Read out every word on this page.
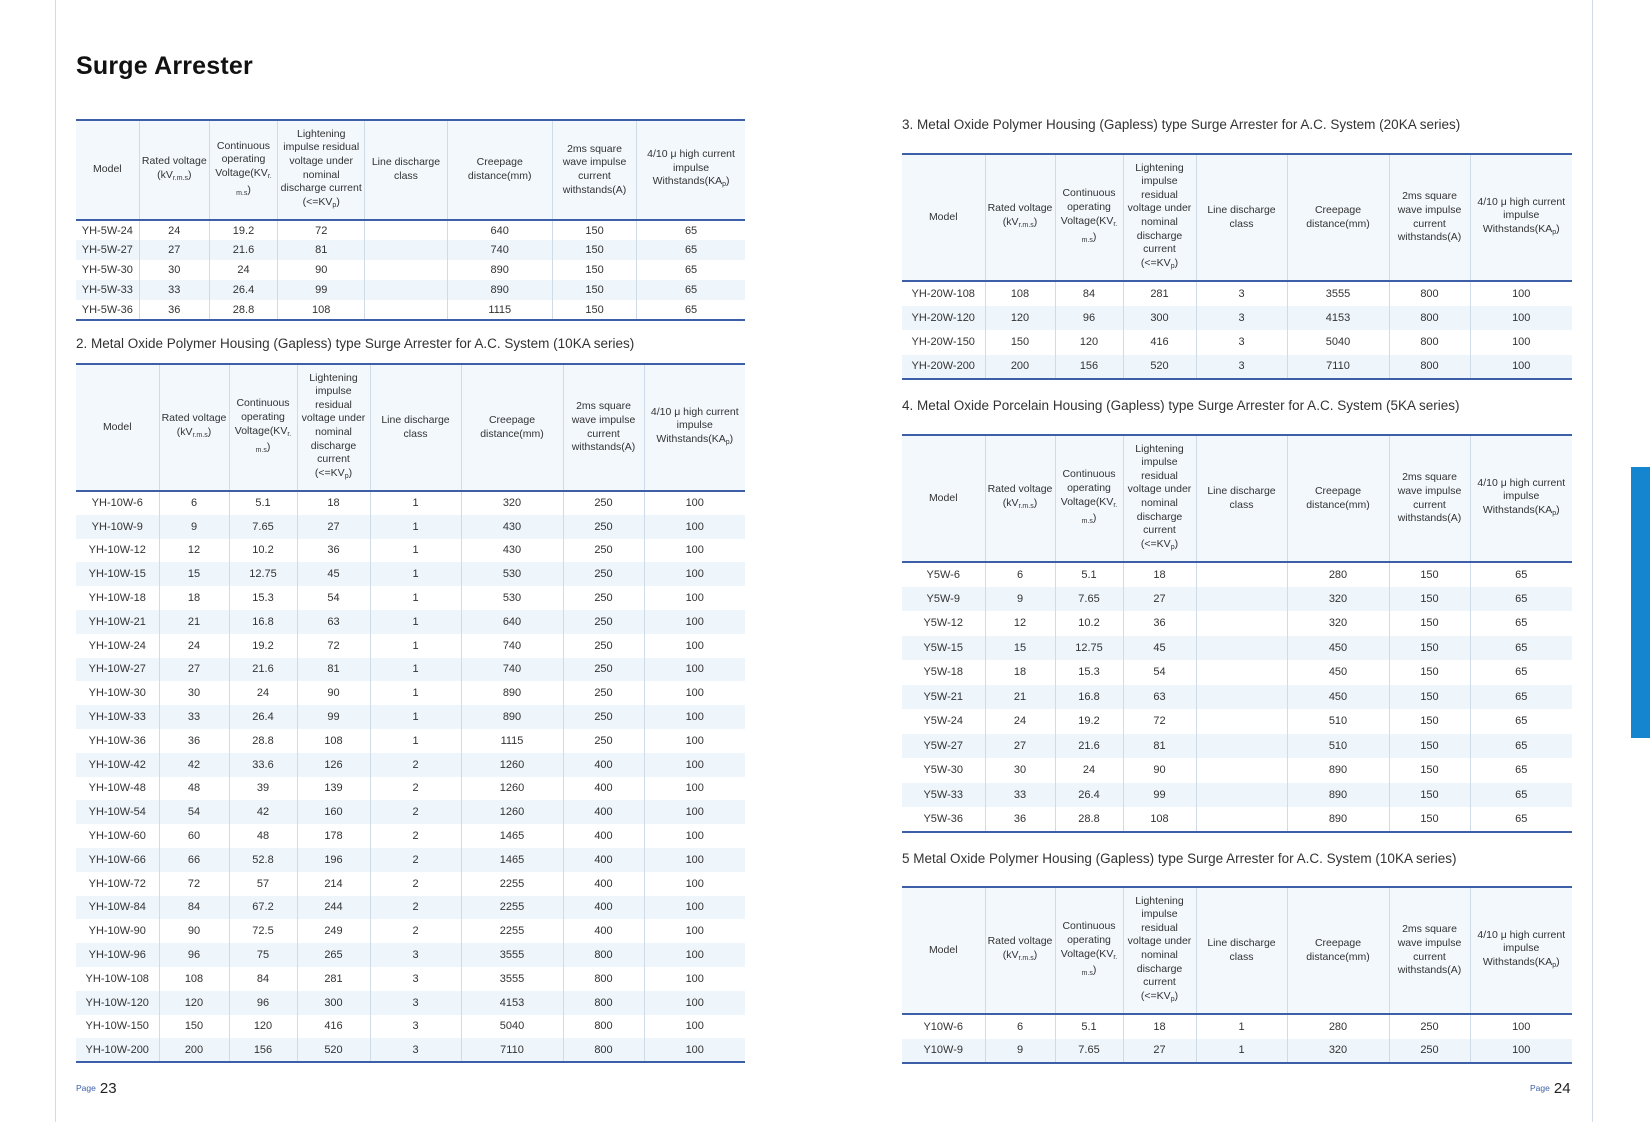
Surge Arrester
Model	Rated voltage $(kV_{r.m.s})$	Continuous operating $Voltage(KV_{r.}$ $_{m.s}$)	Lightening impulse residual voltage under nominal discharge current $(<=KV_p)$	Line discharge class	Creepage distance(mm)	2ms square wave impulse current withstands(A)	4/10 μ high current impulse $Withstands(KA_p)$
YH-5W-24	24	19.2	72		640	150	65
YH-5W-27	27	21.6	81		740	150	65
YH-5W-30	30	24	90		890	150	65
YH-5W-33	33	26.4	99		890	150	65
YH-5W-36	36	28.8	108		1115	150	65
2. Metal Oxide Polymer Housing (Gapless) type Surge Arrester for A.C. System (10KA series)
Model	Rated voltage $(kV_{r.m.s})$	Continuous operating $Voltage(KV_{r.}$ $_{m.s}$)	Lightening impulse residual voltage under nominal discharge current $(<=KV_p)$	Line discharge class	Creepage distance(mm)	2ms square wave impulse current withstands(A)	4/10 μ high current impulse $Withstands(KA_p)$
YH-10W-6	6	5.1	18	1	320	250	100
YH-10W-9	9	7.65	27	1	430	250	100
YH-10W-12	12	10.2	36	1	430	250	100
YH-10W-15	15	12.75	45	1	530	250	100
YH-10W-18	18	15.3	54	1	530	250	100
YH-10W-21	21	16.8	63	1	640	250	100
YH-10W-24	24	19.2	72	1	740	250	100
YH-10W-27	27	21.6	81	1	740	250	100
YH-10W-30	30	24	90	1	890	250	100
YH-10W-33	33	26.4	99	1	890	250	100
YH-10W-36	36	28.8	108	1	1115	250	100
YH-10W-42	42	33.6	126	2	1260	400	100
YH-10W-48	48	39	139	2	1260	400	100
YH-10W-54	54	42	160	2	1260	400	100
YH-10W-60	60	48	178	2	1465	400	100
YH-10W-66	66	52.8	196	2	1465	400	100
YH-10W-72	72	57	214	2	2255	400	100
YH-10W-84	84	67.2	244	2	2255	400	100
YH-10W-90	90	72.5	249	2	2255	400	100
YH-10W-96	96	75	265	3	3555	800	100
YH-10W-108	108	84	281	3	3555	800	100
YH-10W-120	120	96	300	3	4153	800	100
YH-10W-150	150	120	416	3	5040	800	100
YH-10W-200	200	156	520	3	7110	800	100
3. Metal Oxide Polymer Housing (Gapless) type Surge Arrester for A.C. System (20KA series)
Model	Rated voltage $(kV_{r.m.s})$	Continuous operating $Voltage(KV_{r.}$ $_{m.s}$)	Lightening impulse residual voltage under nominal discharge current $(<=KV_p)$	Line discharge class	Creepage distance(mm)	2ms square wave impulse current withstands(A)	4/10 μ high current impulse $Withstands(KA_p)$
YH-20W-108	108	84	281	3	3555	800	100
YH-20W-120	120	96	300	3	4153	800	100
YH-20W-150	150	120	416	3	5040	800	100
YH-20W-200	200	156	520	3	7110	800	100
4. Metal Oxide Porcelain Housing (Gapless) type Surge Arrester for A.C. System (5KA series)
Model	Rated voltage $(kV_{r.m.s})$	Continuous operating $Voltage(KV_{r.}$ $_{m.s}$)	Lightening impulse residual voltage under nominal discharge current $(<=KV_p)$	Line discharge class	Creepage distance(mm)	2ms square wave impulse current withstands(A)	4/10 μ high current impulse $Withstands(KA_p)$
Y5W-6	6	5.1	18		280	150	65
Y5W-9	9	7.65	27		320	150	65
Y5W-12	12	10.2	36		320	150	65
Y5W-15	15	12.75	45		450	150	65
Y5W-18	18	15.3	54		450	150	65
Y5W-21	21	16.8	63		450	150	65
Y5W-24	24	19.2	72		510	150	65
Y5W-27	27	21.6	81		510	150	65
Y5W-30	30	24	90		890	150	65
Y5W-33	33	26.4	99		890	150	65
Y5W-36	36	28.8	108		890	150	65
5 Metal Oxide Polymer Housing (Gapless) type Surge Arrester for A.C. System (10KA series)
Model	Rated voltage $(kV_{r.m.s})$	Continuous operating $Voltage(KV_{r.}$ $_{m.s}$)	Lightening impulse residual voltage under nominal discharge current $(<=KV_p)$	Line discharge class	Creepage distance(mm)	2ms square wave impulse current withstands(A)	4/10 μ high current impulse $Withstands(KA_p)$
Y10W-6	6	5.1	18	1	280	250	100
Y10W-9	9	7.65	27	1	320	250	100
Page 23	Page 24
Surge arrester
